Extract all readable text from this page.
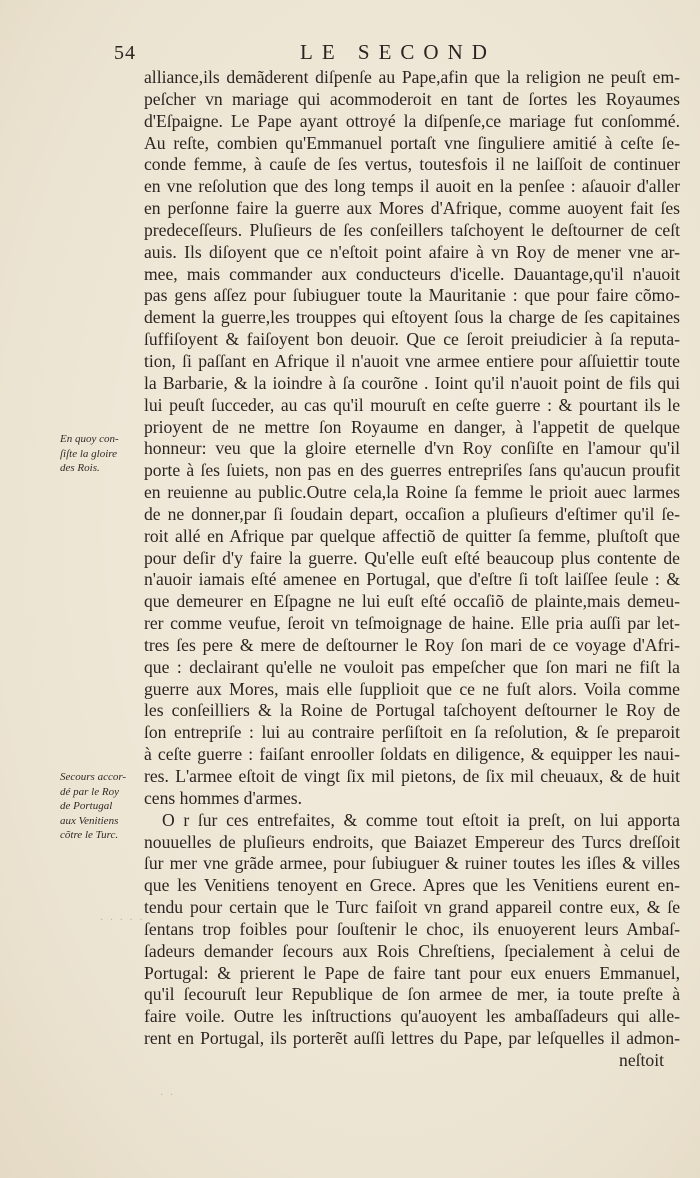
54	LE SECOND
alliance,ils demãderent diſpenſe au Pape,afin que la religion ne peuſt em-
peſcher vn mariage qui acommoderoit en tant de ſortes les Royaumes
d'Eſpaigne. Le Pape ayant ottroyé la diſpenſe,ce mariage fut conſommé.
Au reſte, combien qu'Emmanuel portaſt vne ſinguliere amitié à ceſte ſe-
conde femme, à cauſe de ſes vertus, toutesfois il ne laiſſoit de continuer
en vne reſolution que des long temps il auoit en la penſee : aſauoir d'aller
en perſonne faire la guerre aux Mores d'Afrique, comme auoyent fait ſes
predeceſſeurs. Pluſieurs de ſes conſeillers taſchoyent le deſtourner de ceſt
auis. Ils diſoyent que ce n'eſtoit point afaire à vn Roy de mener vne ar-
mee, mais commander aux conducteurs d'icelle. Dauantage,qu'il n'auoit
pas gens aſſez pour ſubiuguer toute la Mauritanie : que pour faire cõmo-
dement la guerre,les trouppes qui eſtoyent ſous la charge de ſes capitaines
ſuffiſoyent & faiſoyent bon deuoir. Que ce ſeroit preiudicier à ſa reputa-
tion, ſi paſſant en Afrique il n'auoit vne armee entiere pour aſſuiettir toute
la Barbarie, & la ioindre à ſa courõne . Ioint qu'il n'auoit point de fils qui
lui peuſt ſucceder, au cas qu'il mouruſt en ceſte guerre : & pourtant ils le
prioyent de ne mettre ſon Royaume en danger, à l'appetit de quelque
honneur: veu que la gloire eternelle d'vn Roy conſiſte en l'amour qu'il
porte à ſes ſuiets, non pas en des guerres entrepriſes ſans qu'aucun proufit
en reuienne au public.Outre cela,la Roine ſa femme le prioit auec larmes
de ne donner,par ſi ſoudain depart, occaſion a pluſieurs d'eſtimer qu'il ſe-
roit allé en Afrique par quelque affectiõ de quitter ſa femme, pluſtoſt que
pour deſir d'y faire la guerre. Qu'elle euſt eſté beaucoup plus contente de
n'auoir iamais eſté amenee en Portugal, que d'eſtre ſi toſt laiſſee ſeule : &
que demeurer en Eſpagne ne lui euſt eſté occaſiõ de plainte,mais demeu-
rer comme veufue, ſeroit vn teſmoignage de haine. Elle pria auſſi par let-
tres ſes pere & mere de deſtourner le Roy ſon mari de ce voyage d'Afri-
que : declairant qu'elle ne vouloit pas empeſcher que ſon mari ne fiſt la
guerre aux Mores, mais elle ſupplioit que ce ne fuſt alors. Voila comme
les conſeilliers & la Roine de Portugal taſchoyent deſtourner le Roy de
ſon entrepriſe : lui au contraire perſiſtoit en ſa reſolution, & ſe preparoit
à ceſte guerre : faiſant enrooller ſoldats en diligence, & equipper les naui-
res. L'armee eſtoit de vingt ſix mil pietons, de ſix mil cheuaux, & de huit
cens hommes d'armes.
O r ſur ces entrefaites, & comme tout eſtoit ia preſt, on lui apporta
nouuelles de pluſieurs endroits, que Baiazet Empereur des Turcs dreſſoit
ſur mer vne grãde armee, pour ſubiuguer & ruiner toutes les iſles & villes
que les Venitiens tenoyent en Grece. Apres que les Venitiens eurent en-
tendu pour certain que le Turc faiſoit vn grand appareil contre eux, & ſe
ſentans trop foibles pour ſouſtenir le choc, ils enuoyerent leurs Ambaſ-
ſadeurs demander ſecours aux Rois Chreſtiens, ſpecialement à celui de
Portugal: & prierent le Pape de faire tant pour eux enuers Emmanuel,
qu'il ſecouruſt leur Republique de ſon armee de mer, ia toute preſte à
faire voile. Outre les inſtructions qu'auoyent les ambaſſadeurs qui alle-
rent en Portugal, ils porterẽt auſſi lettres du Pape, par leſquelles il admon-
neſtoit
En quoy con-
ſiſte la gloire
des Rois.
Secours accor-
dé par le Roy
de Portugal
aux Venitiens
cõtre le Turc.
· · · · ·
· ·
